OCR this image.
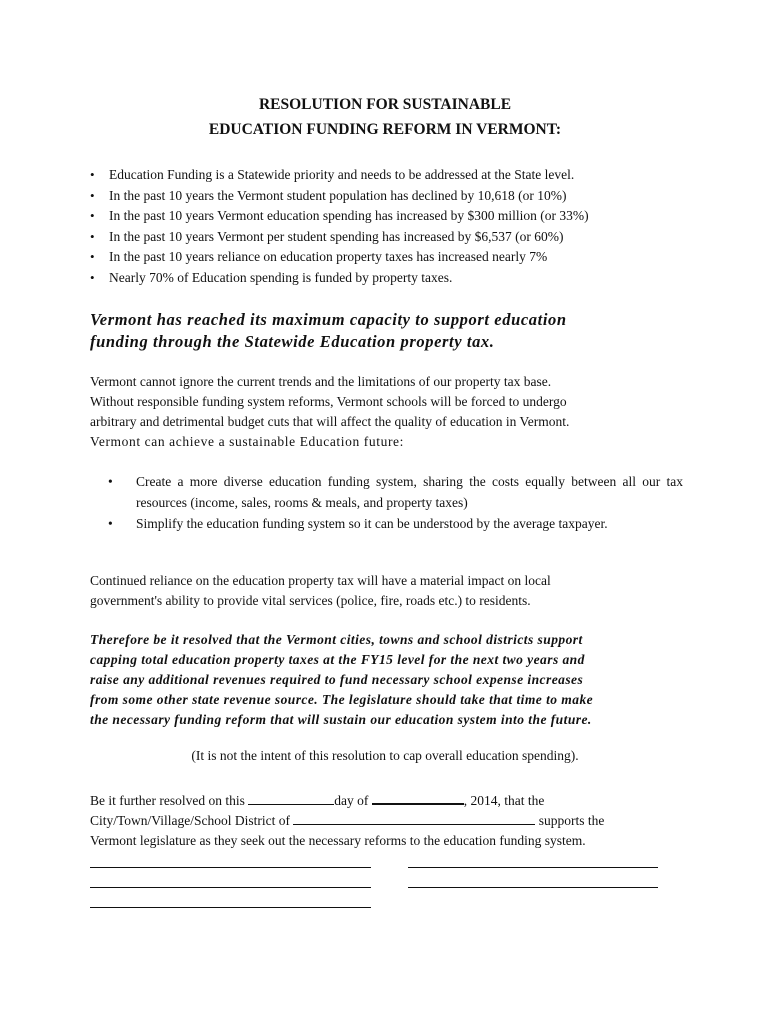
RESOLUTION FOR SUSTAINABLE
EDUCATION FUNDING REFORM IN VERMONT:
• Education Funding is a Statewide priority and needs to be addressed at the State level.
• In the past 10 years the Vermont student population has declined by 10,618 (or 10%)
• In the past 10 years Vermont education spending has increased by $300 million (or 33%)
• In the past 10 years Vermont per student spending has increased by $6,537 (or 60%)
• In the past 10 years reliance on education property taxes has increased nearly 7%
• Nearly 70% of Education spending is funded by property taxes.
Vermont has reached its maximum capacity to support education
funding through the Statewide Education property tax.
Vermont cannot ignore the current trends and the limitations of our property tax base.
Without responsible funding system reforms, Vermont schools will be forced to undergo
arbitrary and detrimental budget cuts that will affect the quality of education in Vermont.
Vermont can achieve a sustainable Education future:
• Create a more diverse education funding system, sharing the costs equally between all our tax resources (income, sales, rooms & meals, and property taxes)
• Simplify the education funding system so it can be understood by the average taxpayer.
Continued reliance on the education property tax will have a material impact on local
government's ability to provide vital services (police, fire, roads etc.) to residents.
Therefore be it resolved that the Vermont cities, towns and school districts support
capping total education property taxes at the FY15 level for the next two years and
raise any additional revenues required to fund necessary school expense increases
from some other state revenue source. The legislature should take that time to make
the necessary funding reform that will sustain our education system into the future.
(It is not the intent of this resolution to cap overall education spending).
Be it further resolved on this	day of	, 2014, that the
City/Town/Village/School District of	supports the
Vermont legislature as they seek out the necessary reforms to the education funding system.
